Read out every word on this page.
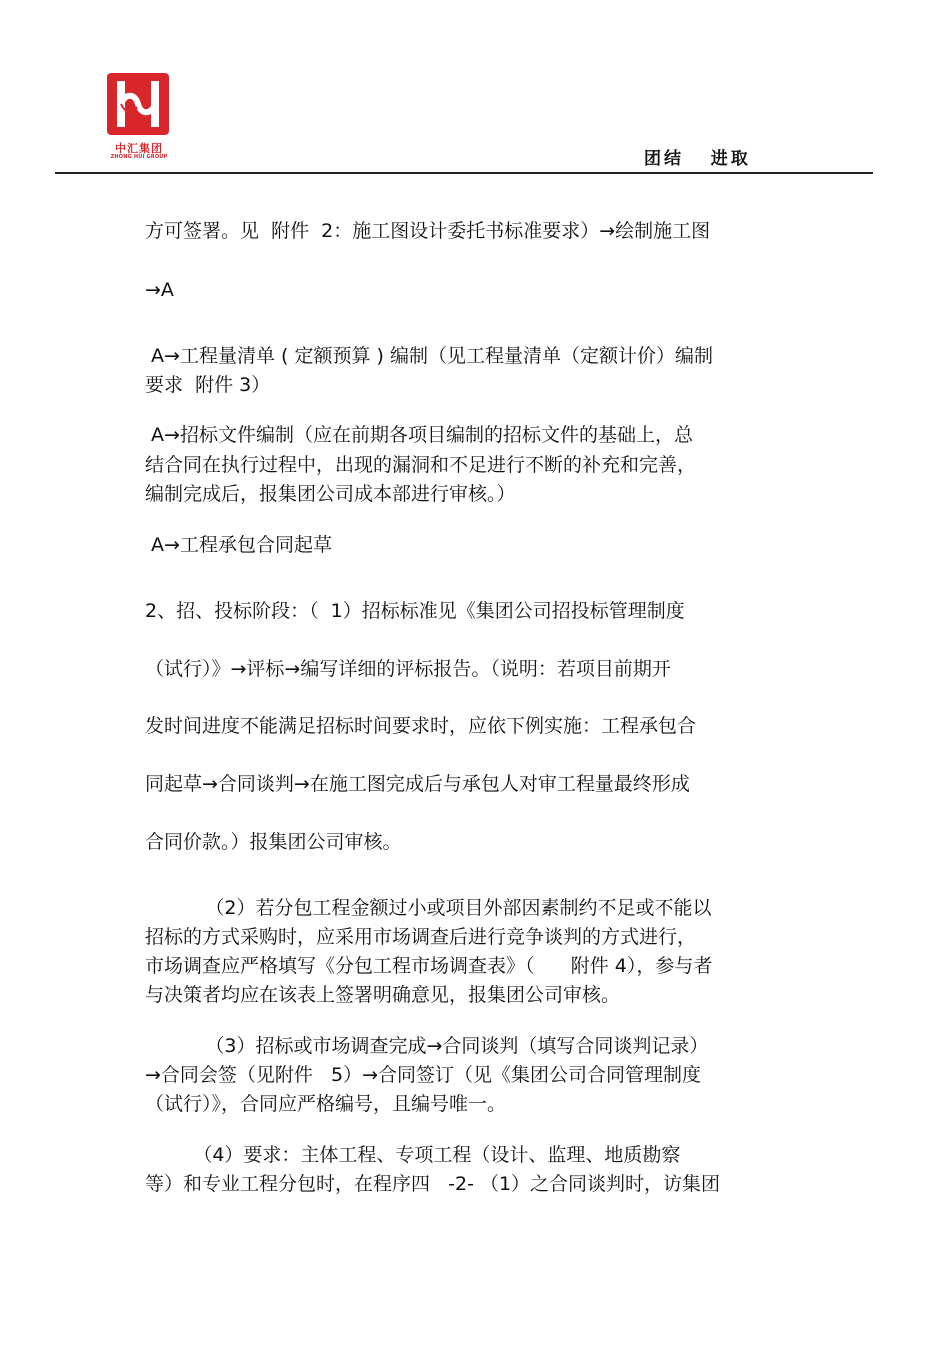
中汇集团
ZHONG HUI GROUP	团结   进取
方可签署。见  附件  2：施工图设计委托书标准要求）→绘制施工图
→A
A→工程量清单 ( 定额预算 ) 编制（见工程量清单（定额计价）编制
要求  附件 3）
A→招标文件编制（应在前期各项目编制的招标文件的基础上，总
结合同在执行过程中，出现的漏洞和不足进行不断的补充和完善，
编制完成后，报集团公司成本部进行审核。）
A→工程承包合同起草
2、招、投标阶段：（  1）招标标准见《集团公司招投标管理制度
（试行）》→评标→编写详细的评标报告。（说明：若项目前期开
发时间进度不能满足招标时间要求时，应依下例实施：工程承包合
同起草→合同谈判→在施工图完成后与承包人对审工程量最终形成
合同价款。）报集团公司审核。
（2）若分包工程金额过小或项目外部因素制约不足或不能以
招标的方式采购时，应采用市场调查后进行竞争谈判的方式进行，
市场调查应严格填写《分包工程市场调查表》（      附件 4），参与者
与决策者均应在该表上签署明确意见，报集团公司审核。
（3）招标或市场调查完成→合同谈判（填写合同谈判记录）
→合同会签（见附件   5）→合同签订（见《集团公司合同管理制度
（试行）》，合同应严格编号，且编号唯一。
（4）要求：主体工程、专项工程（设计、监理、地质勘察
等）和专业工程分包时，在程序四   -2- （1）之合同谈判时，访集团
